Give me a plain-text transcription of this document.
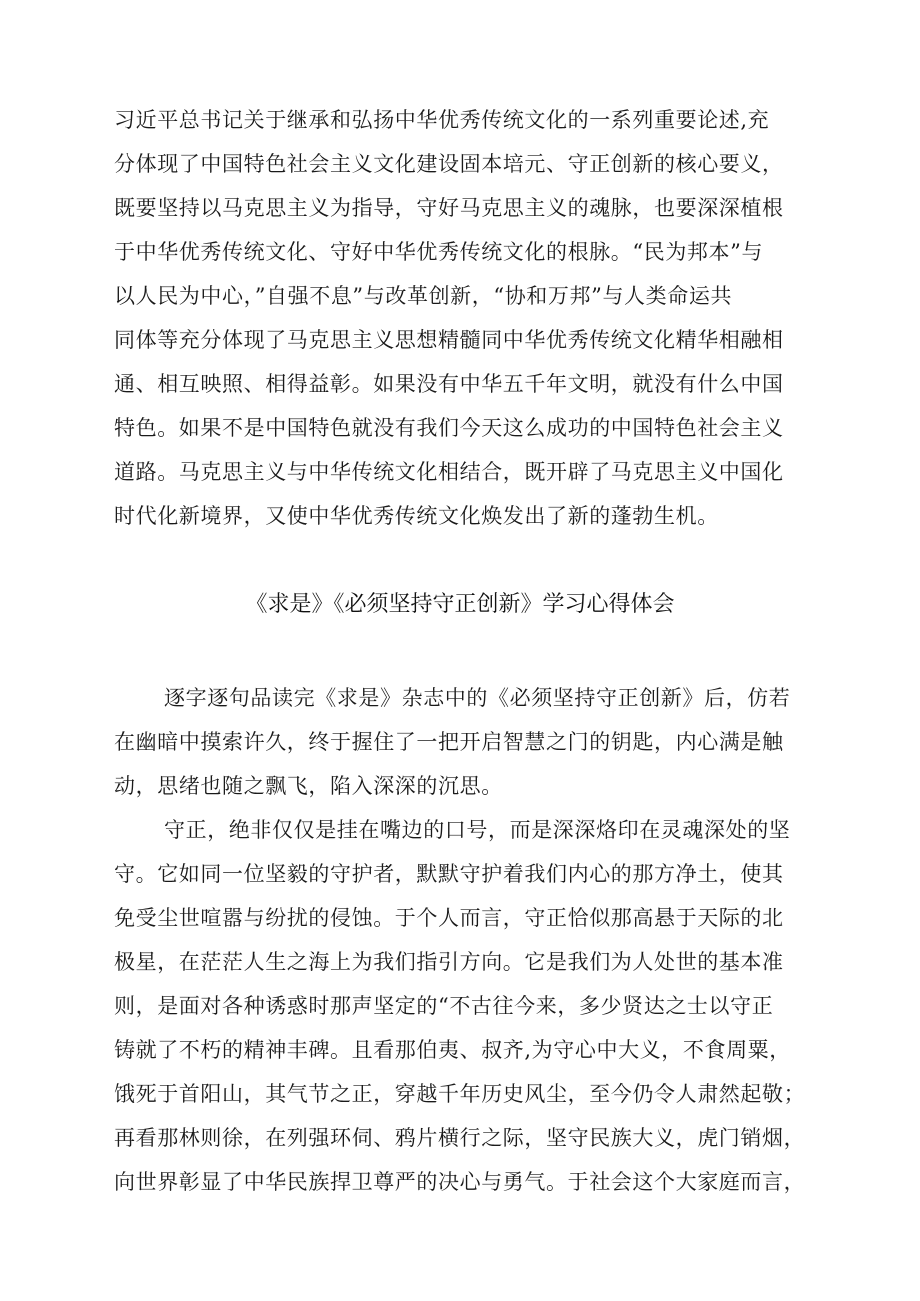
习近平总书记关于继承和弘扬中华优秀传统文化的一系列重要论述,充
分体现了中国特色社会主义文化建设固本培元、守正创新的核心要义，
既要坚持以马克思主义为指导，守好马克思主义的魂脉，也要深深植根
于中华优秀传统文化、守好中华优秀传统文化的根脉。“民为邦本”与
以人民为中心，”自强不息”与改革创新，“协和万邦”与人类命运共
同体等充分体现了马克思主义思想精髓同中华优秀传统文化精华相融相
通、相互映照、相得益彰。如果没有中华五千年文明，就没有什么中国
特色。如果不是中国特色就没有我们今天这么成功的中国特色社会主义
道路。马克思主义与中华传统文化相结合，既开辟了马克思主义中国化
时代化新境界，又使中华优秀传统文化焕发出了新的蓬勃生机。
《求是》《必须坚持守正创新》学习心得体会
逐字逐句品读完《求是》杂志中的《必须坚持守正创新》后，仿若
在幽暗中摸索许久，终于握住了一把开启智慧之门的钥匙，内心满是触
动，思绪也随之飘飞，陷入深深的沉思。
守正，绝非仅仅是挂在嘴边的口号，而是深深烙印在灵魂深处的坚
守。它如同一位坚毅的守护者，默默守护着我们内心的那方净土，使其
免受尘世喧嚣与纷扰的侵蚀。于个人而言，守正恰似那高悬于天际的北
极星，在茫茫人生之海上为我们指引方向。它是我们为人处世的基本准
则，是面对各种诱惑时那声坚定的“不古往今来，多少贤达之士以守正
铸就了不朽的精神丰碑。且看那伯夷、叔齐,为守心中大义，不食周粟，
饿死于首阳山，其气节之正，穿越千年历史风尘，至今仍令人肃然起敬；
再看那林则徐，在列强环伺、鸦片横行之际，坚守民族大义，虎门销烟，
向世界彰显了中华民族捍卫尊严的决心与勇气。于社会这个大家庭而言，
